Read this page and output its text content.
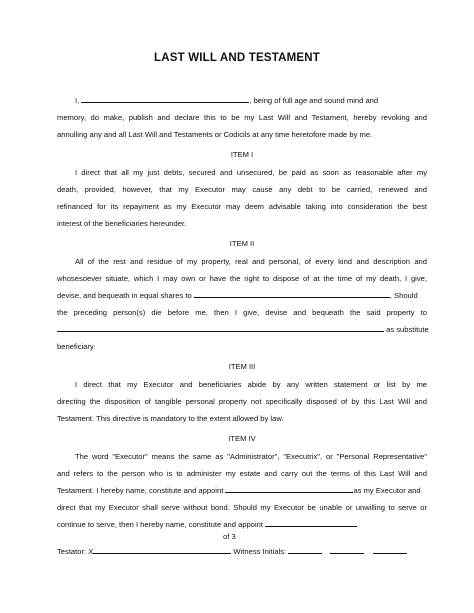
LAST WILL AND TESTAMENT
I,	, being of full age and sound mind and
memory, do make, publish and declare this to be my Last Will and Testament, hereby revoking and
annulling any and all Last Will and Testaments or Codicils at any time heretofore made by me.
ITEM I
I direct that all my just debts, secured and unsecured, be paid as soon as reasonable after my
death, provided, however, that my Executor may cause any debt to be carried, renewed and
refinanced for its repayment as my Executor may deem advisable taking into consideration the best
interest of the beneficiaries hereunder.
ITEM II
All of the rest and residue of my property, real and personal, of every kind and description and
whosesoever situate, which I may own or have the right to dispose of at the time of my death, I give,
devise, and bequeath in equal shares to	, Should
the preceding person(s) die before me, then I give, devise and bequeath the said property to
as substitute
beneficiary.
ITEM III
I direct that my Executor and beneficiaries abide by any written statement or list by me
directing the disposition of tangible personal property not specifically disposed of by this Last Will and
Testament. This directive is mandatory to the extent allowed by law.
ITEM IV
The word "Executor" means the same as "Administrator", "Executrix", or "Personal Representative"
and refers to the person who is to administer my estate and carry out the terms of this Last Will and
Testament. I hereby name, constitute and appoint	as my Executor and
direct that my Executor shall serve without bond. Should my Executor be unable or unwilling to serve or
continue to serve, then I hereby name, constitute and appoint
of 3
Testator: X	Witness Initials:
